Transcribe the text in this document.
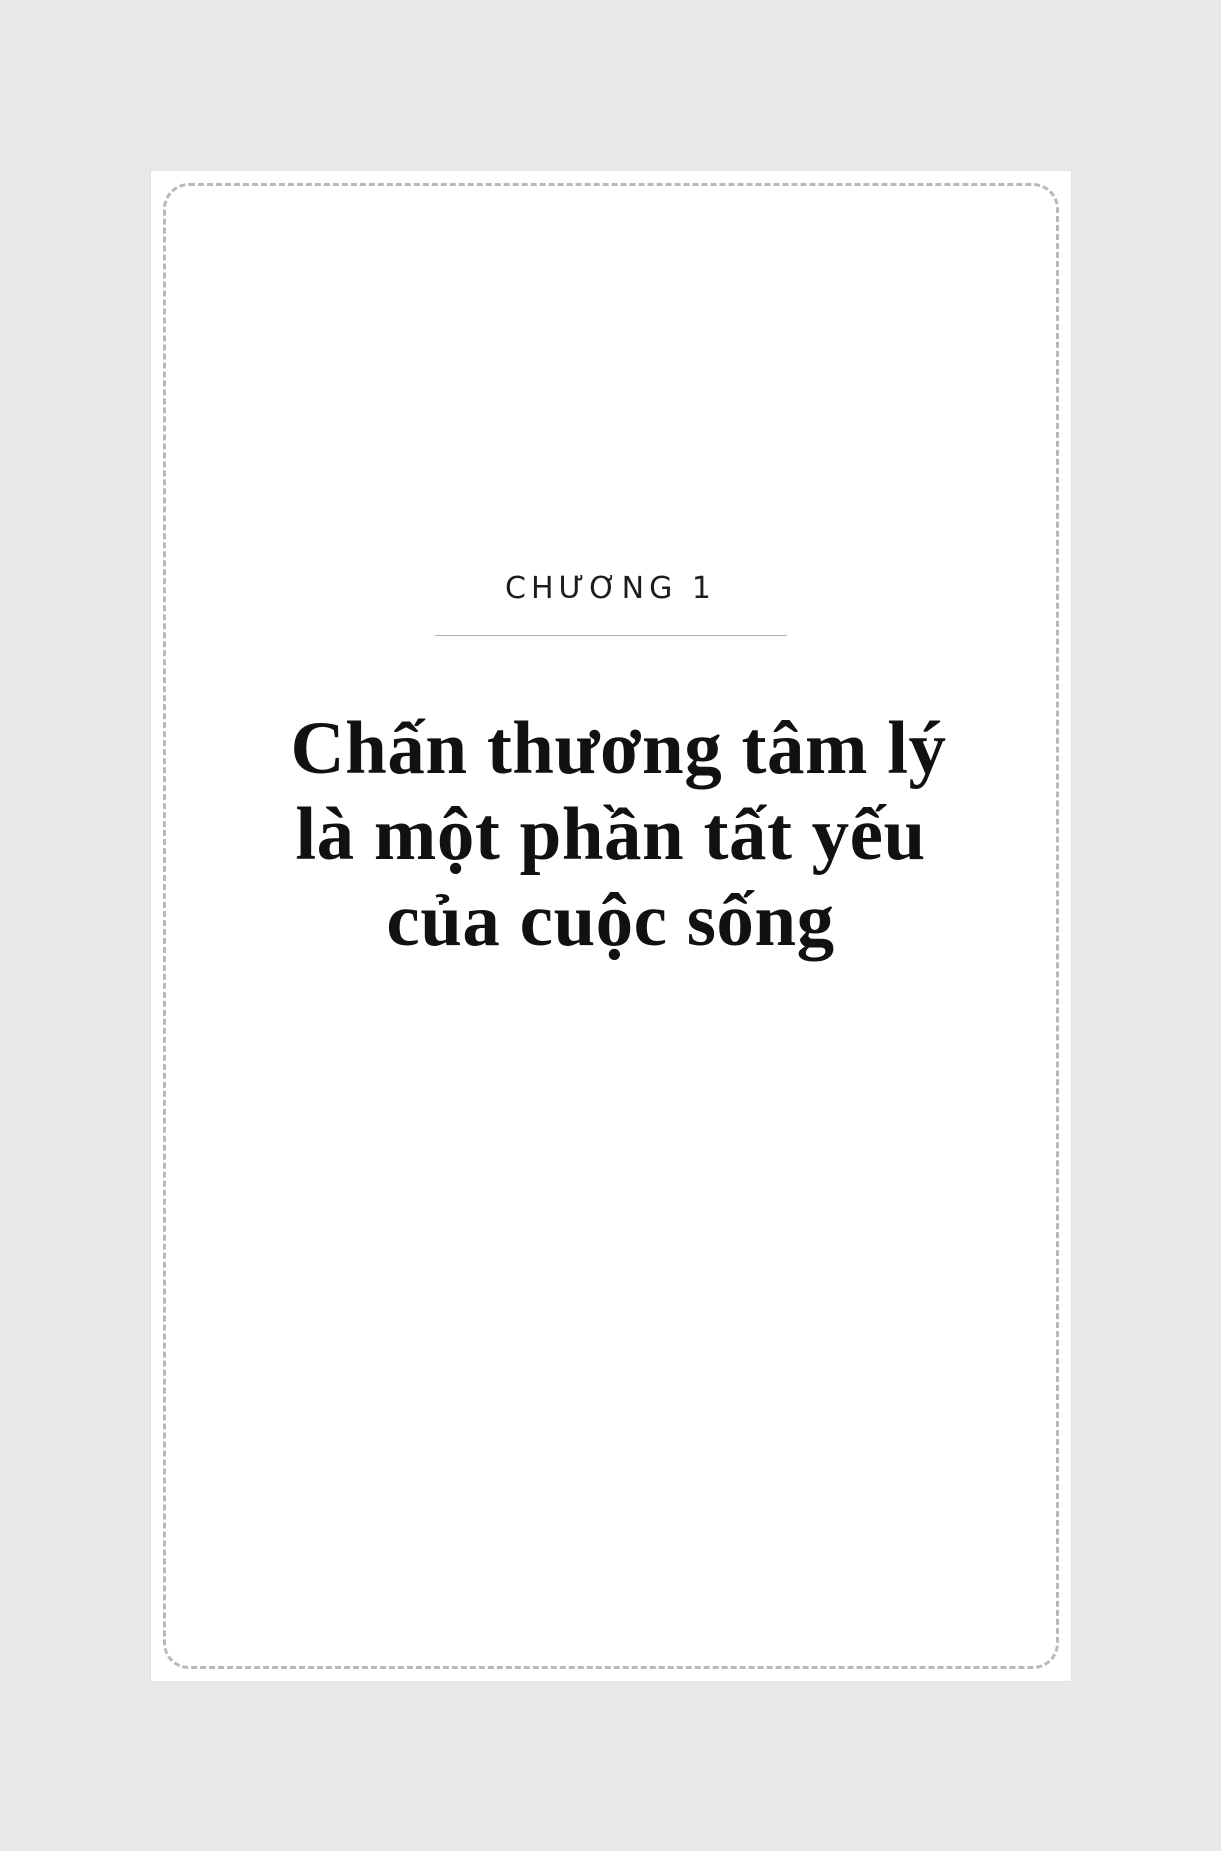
CHƯƠNG 1
Chấn thương tâm lý
là một phần tất yếu
của cuộc sống
